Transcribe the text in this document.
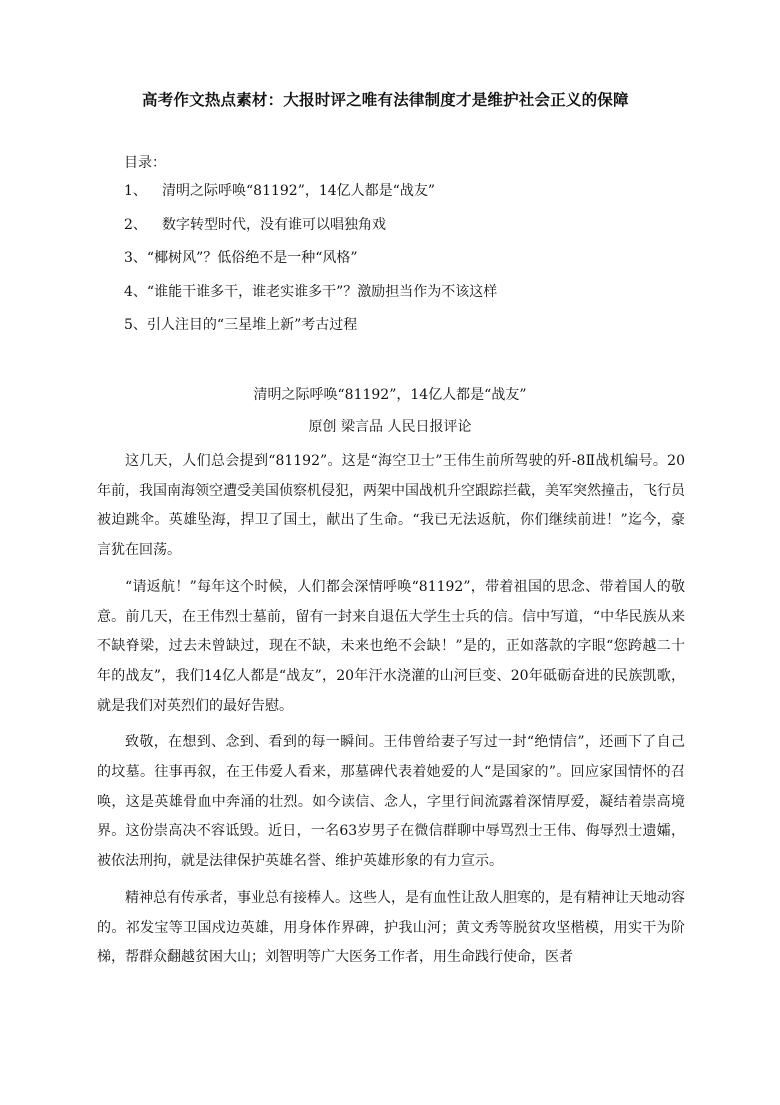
高考作文热点素材：大报时评之唯有法律制度才是维护社会正义的保障
目录：
1、 清明之际呼唤“81192”，14亿人都是“战友”
2、 数字转型时代，没有谁可以唱独角戏
3、“椰树风”？低俗绝不是一种“风格”
4、“谁能干谁多干，谁老实谁多干”？激励担当作为不该这样
5、引人注目的“三星堆上新”考古过程
清明之际呼唤“81192”，14亿人都是“战友”
原创 梁言品 人民日报评论

这几天，人们总会提到“81192”。这是“海空卫士”王伟生前所驾驶的歼-8Ⅱ战机编号。20年前，我国南海领空遭受美国侦察机侵犯，两架中国战机升空跟踪拦截，美军突然撞击，飞行员被迫跳伞。英雄坠海，捍卫了国土，献出了生命。“我已无法返航，你们继续前进！”迄今，豪言犹在回荡。

“请返航！”每年这个时候，人们都会深情呼唤“81192”，带着祖国的思念、带着国人的敬意。前几天，在王伟烈士墓前，留有一封来自退伍大学生士兵的信。信中写道，“中华民族从来不缺脊梁，过去未曾缺过，现在不缺，未来也绝不会缺！”是的，正如落款的字眼“您跨越二十年的战友”，我们14亿人都是“战友”，20年汗水浇灌的山河巨变、20年砥砺奋进的民族凯歌，就是我们对英烈们的最好告慰。

致敬，在想到、念到、看到的每一瞬间。王伟曾给妻子写过一封“绝情信”，还画下了自己的坟墓。往事再叙，在王伟爱人看来，那墓碑代表着她爱的人“是国家的”。回应家国情怀的召唤，这是英雄骨血中奔涌的壮烈。如今读信、念人，字里行间流露着深情厚爱，凝结着崇高境界。这份崇高决不容诋毁。近日，一名63岁男子在微信群聊中辱骂烈士王伟、侮辱烈士遗孀，被依法刑拘，就是法律保护英雄名誉、维护英雄形象的有力宣示。

精神总有传承者，事业总有接棒人。这些人，是有血性让敌人胆寒的，是有精神让天地动容的。祁发宝等卫国戍边英雄，用身体作界碑，护我山河；黄文秀等脱贫攻坚楷模，用实干为阶梯，帮群众翻越贫困大山；刘智明等广大医务工作者，用生命践行使命，医者
